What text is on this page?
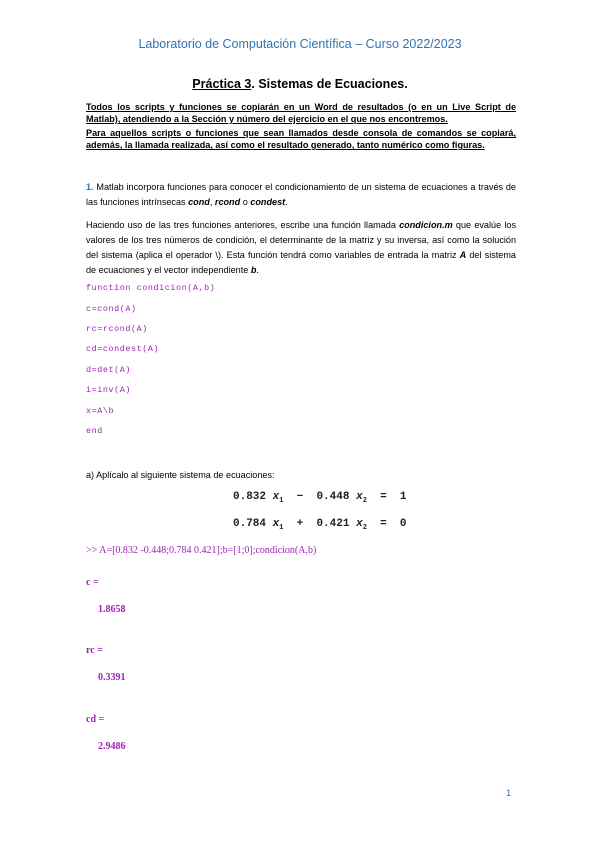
Laboratorio de Computación Científica – Curso 2022/2023
Práctica 3. Sistemas de Ecuaciones.
Todos los scripts y funciones se copiarán en un Word de resultados (o en un Live Script de Matlab), atendiendo a la Sección y número del ejercicio en el que nos encontremos.
Para aquellos scripts o funciones que sean llamados desde consola de comandos se copiará, además, la llamada realizada, así como el resultado generado, tanto numérico como figuras.
1. Matlab incorpora funciones para conocer el condicionamiento de un sistema de ecuaciones a través de las funciones intrínsecas cond, rcond o condest.
Haciendo uso de las tres funciones anteriores, escribe una función llamada condicion.m que evalúe los valores de los tres números de condición, el determinante de la matriz y su inversa, así como la solución del sistema (aplica el operador \). Esta función tendrá como variables de entrada la matriz A del sistema de ecuaciones y el vector independiente b.
function condicion(A,b)
c=cond(A)
rc=rcond(A)
cd=condest(A)
d=det(A)
i=inv(A)
x=A\b
end
a) Aplícalo al siguiente sistema de ecuaciones:
0.832 $x_1 - 0.448$ $x_2 = 1$
0.784 $x_1 + 0.421$ $x_2 = 0$
>> A=[0.832 -0.448;0.784 0.421];b=[1;0];condicion(A,b)
c =
1.8658
rc =
0.3391
cd =
2.9486
1
